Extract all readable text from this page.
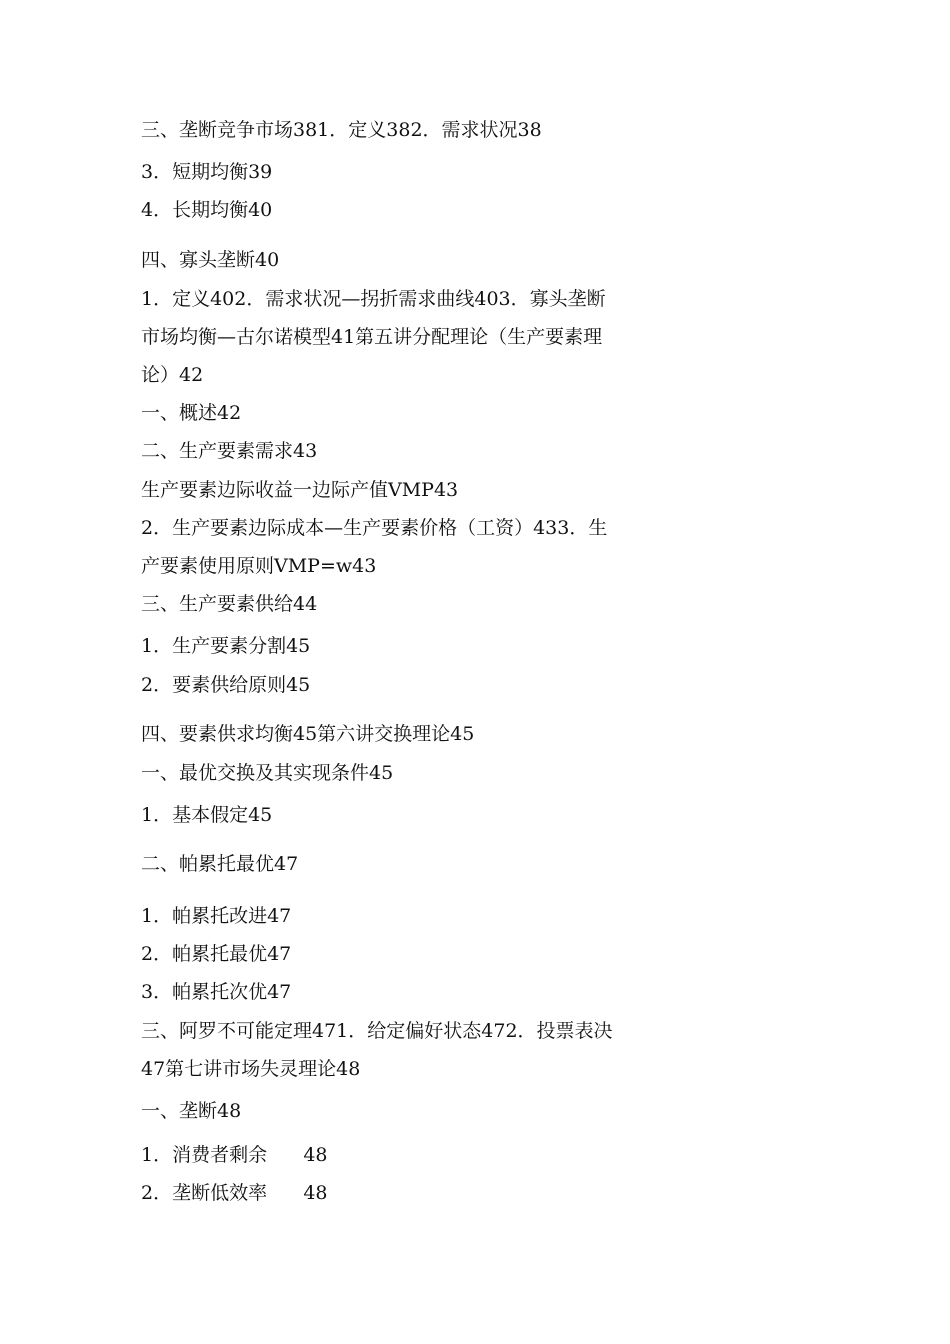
三、垄断竞争市场381．定义382．需求状况38
3．短期均衡39
4．长期均衡40
四、寡头垄断40
1．定义402．需求状况—拐折需求曲线403．寡头垄断
市场均衡—古尔诺模型41第五讲分配理论（生产要素理
论）42
一、概述42
二、生产要素需求43
生产要素边际收益一边际产值VMP43
2．生产要素边际成本—生产要素价格（工资）433．生
产要素使用原则VMP=w43
三、生产要素供给44
1．生产要素分割45
2．要素供给原则45
四、要素供求均衡45第六讲交换理论45
一、最优交换及其实现条件45
1．基本假定45
二、帕累托最优47
1．帕累托改进47
2．帕累托最优47
3．帕累托次优47
三、阿罗不可能定理471．给定偏好状态472．投票表决
47第七讲市场失灵理论48
一、垄断48
1．消费者剩余      48
2．垄断低效率      48
